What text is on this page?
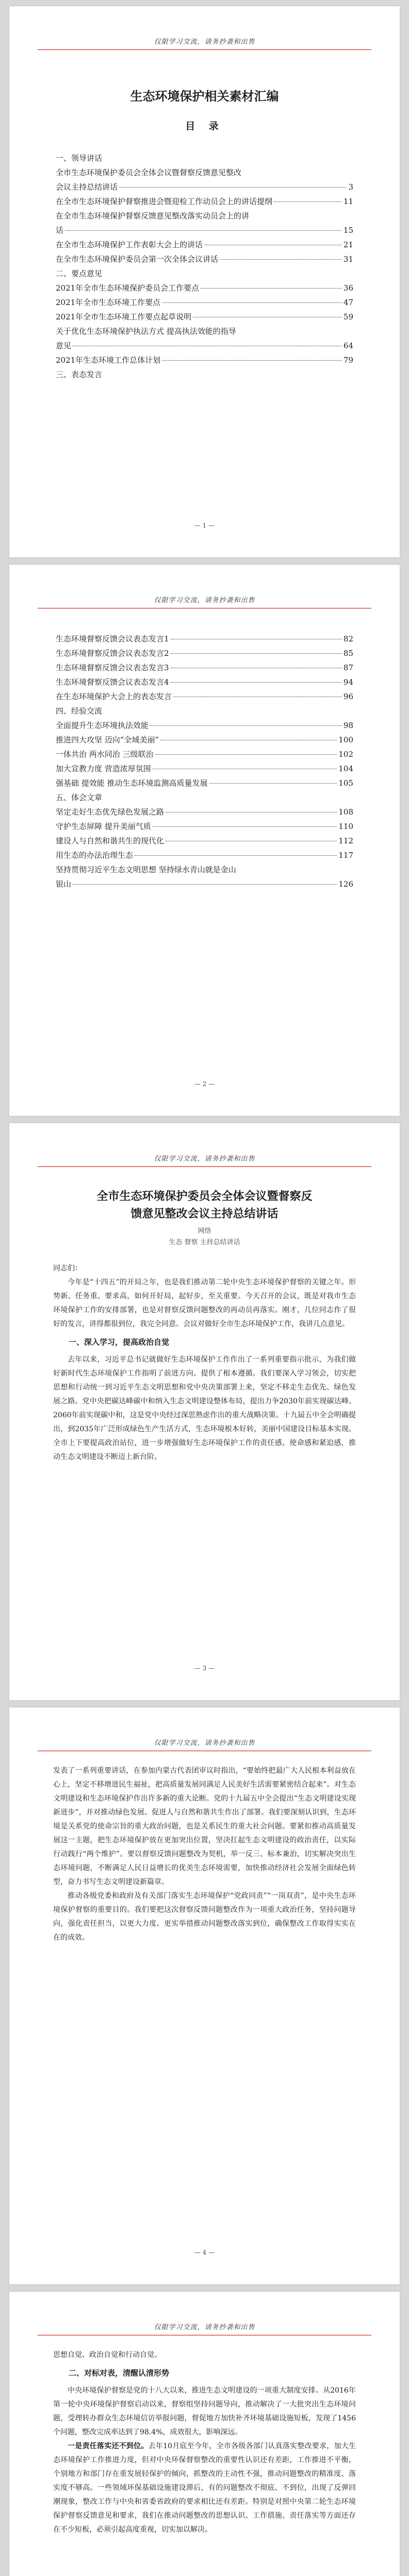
仅限学习交流，请务抄袭和出售
生态环境保护相关素材汇编
目 录
一、领导讲话
全市生态环境保护委员会全体会议暨督察反馈意见整改
会议主持总结讲话	3
在全市生态环境保护督察推进会暨迎检工作动员会上的讲话提纲	11
在全市生态环境保护督察反馈意见整改落实动员会上的讲
话	15
在全市生态环境保护工作表彰大会上的讲话	21
在全市生态环境保护委员会第一次全体会议讲话	31
二、要点意见
2021年全市生态环境保护委员会工作要点	36
2021年全市生态环境工作要点	47
2021年全市生态环境工作要点起草说明	59
关于优化生态环境保护执法方式 提高执法效能的指导
意见	64
2021年生态环境工作总体计划	79
三、表态发言
— 1 —
仅限学习交流，请务抄袭和出售
生态环境督察反馈会议表态发言1	82
生态环境督察反馈会议表态发言2	85
生态环境督察反馈会议表态发言3	87
生态环境督察反馈会议表态发言4	94
在生态环境保护大会上的表态发言	96
四、经验交流
全面提升生态环境执法效能	98
推进四大攻坚 迈向“全域美丽”	100
一体共治 两水同治 三级联治	102
加大宣教力度 营造浓厚氛围	104
强基础 提效能 推动生态环境监测高质量发展	105
五、体会文章
坚定走好生态优先绿色发展之路	108
守护生态屏障 提升美丽气质	110
建设人与自然和谐共生的现代化	112
用生态的办法治理生态	117
坚持贯彻习近平生态文明思想 坚持绿水青山就是金山
银山	126
— 2 —
仅限学习交流，请务抄袭和出售
全市生态环境保护委员会全体会议暨督察反
馈意见整改会议主持总结讲话
网络
生态 督察 主持总结讲话

同志们：

今年是“十四五”的开局之年，也是我们推动第二轮中央生态环境保护督察的关键之年。形势新、任务重、要求高，如何开好局，起好步，至关重要。今天召开的会议，既是对我市生态环境保护工作的安排部署，也是对督察反馈问题整改的再动员再落实。刚才，几位同志作了很好的发言，讲得都很到位，我完全同意。会议对做好全市生态环境保护工作，我讲几点意见。

一、深入学习，提高政治自觉

去年以来，习近平总书记就做好生态环境保护工作作出了一系列重要指示批示，为我们做好新时代生态环境保护工作指明了前进方向、提供了根本遵循。我们要深入学习领会，切实把思想和行动统一到习近平生态文明思想和党中央决策部署上来，坚定不移走生态优先、绿色发展之路。党中央把碳达峰碳中和纳入生态文明建设整体布局，提出力争2030年前实现碳达峰、2060年前实现碳中和，这是党中央经过深思熟虑作出的重大战略决策。十九届五中全会明确提出，到2035年广泛形成绿色生产生活方式，生态环境根本好转，美丽中国建设目标基本实现。全市上下要提高政治站位，进一步增强做好生态环境保护工作的责任感、使命感和紧迫感，推动生态文明建设不断迈上新台阶。

— 3 —
仅限学习交流，请务抄袭和出售

发表了一系列重要讲话，在参加内蒙古代表团审议时指出，“要始终把最广大人民根本利益放在心上，坚定不移增进民生福祉，把高质量发展同满足人民美好生活需要紧密结合起来”。对生态文明建设和生态环境保护作出许多新的重大论断。党的十九届五中全会提出“生态文明建设实现新进步”，并对推动绿色发展、促进人与自然和谐共生作出了部署。我们要深刻认识到，生态环境是关系党的使命宗旨的重大政治问题，也是关系民生的重大社会问题。要紧扣推动高质量发展这一主题，把生态环境保护放在更加突出位置，坚决扛起生态文明建设的政治责任，以实际行动践行“两个维护”。要以督察反馈问题整改为契机，举一反三、标本兼治，切实解决突出生态环境问题，不断满足人民日益增长的优美生态环境需要，加快推动经济社会发展全面绿色转型，奋力书写生态文明建设新篇章。

推动各级党委和政府及有关部门落实生态环境保护“党政同责”“一岗双责”，是中央生态环境保护督察的重要目的。我们要把这次督察反馈问题整改作为一项重大政治任务，坚持问题导向，强化责任担当，以更大力度、更实举措推动问题整改落实到位，确保整改工作取得实实在在的成效。

— 4 —
仅限学习交流，请务抄袭和出售

思想自觉、政治自觉和行动自觉。

二、对标对表，清醒认清形势

中央环境保护督察是党的十八大以来，推进生态文明建设的一项重大制度安排。从2016年第一轮中央环境保护督察启动以来，督察组坚持问题导向，推动解决了一大批突出生态环境问题，受理转办群众生态环境信访举报问题，督促地方加快补齐环境基础设施短板，发现了1456个问题，整改完成率达到了98.4%，成效很大，影响深远。

一是责任落实还不到位。去年10月底至今年，全市各级各部门认真落实整改要求，加大生态环境保护工作推进力度，但对中央环保督察整改的重要性认识还有差距，工作推进不平衡，个别地方和部门存在重发展轻保护的倾向，抓整改的主动性不强，推动问题整改的精准度、落实度不够高。一些领域环保基础设施建设滞后，有的问题整改不彻底、不到位，出现了反弹回潮现象，整改工作与中央和省委省政府的要求相比还有差距。特别是对照中央第二轮生态环境保护督察反馈意见和要求，我们在推动问题整改的思想认识、工作措施、责任落实等方面还存在不少短板，必须引起高度重视，切实加以解决。
